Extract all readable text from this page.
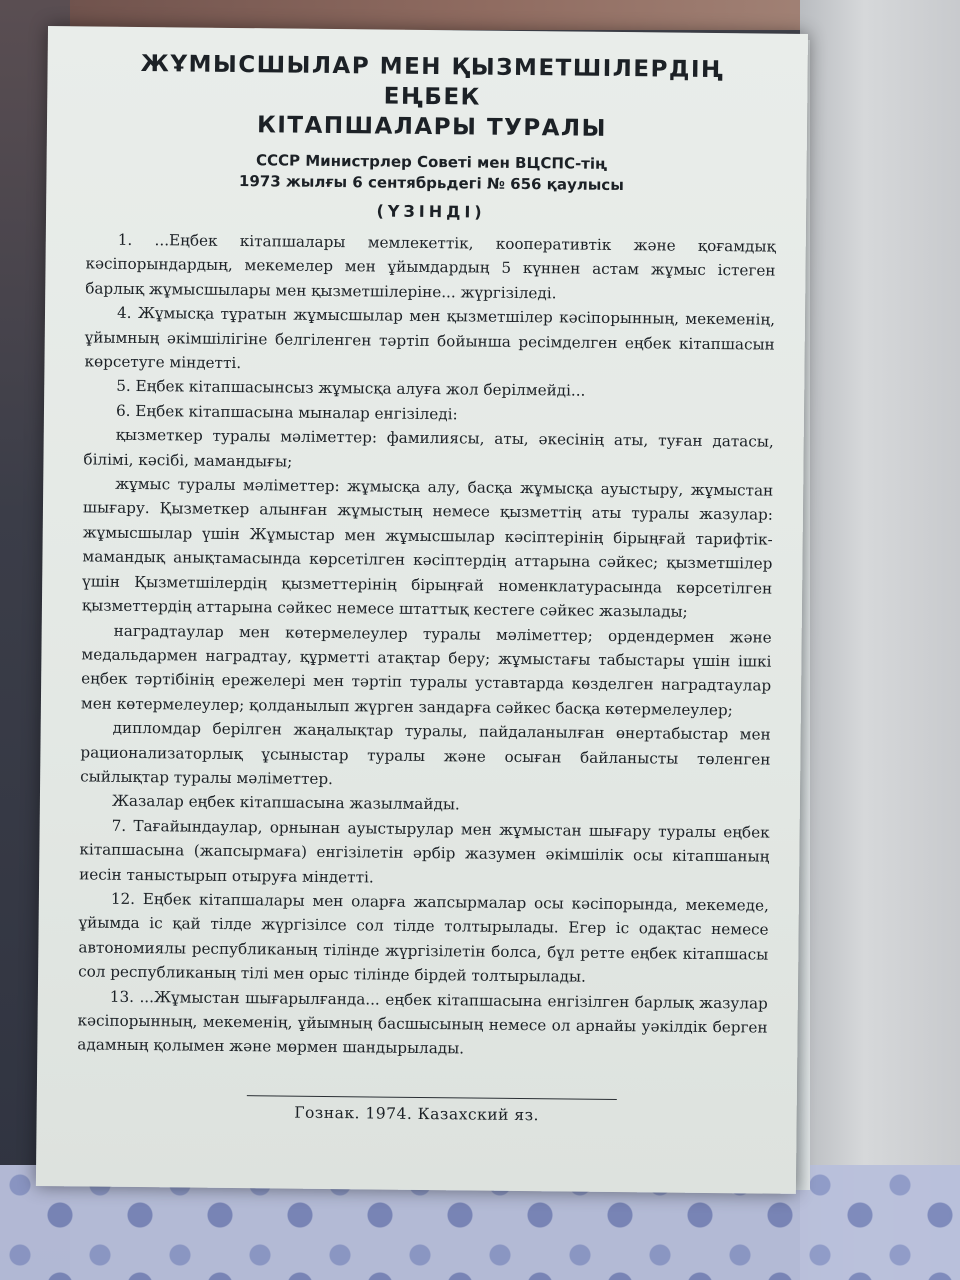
ЖҰМЫСШЫЛАР МЕН ҚЫЗМЕТШІЛЕРДІҢ ЕҢБЕК
КІТАПШАЛАРЫ ТУРАЛЫ
СССР Министрлер Советі мен ВЦСПС-тің
1973 жылғы 6 сентябрьдегі № 656 қаулысы
(ҮЗІНДІ)

1. ...Еңбек кітапшалары мемлекеттік, кооперативтік және қоғамдық кәсіпорындардың, мекемелер мен ұйымдардың 5 күннен астам жұмыс істеген барлық жұмысшылары мен қызметшілеріне... жүргізіледі.

4. Жұмысқа тұратын жұмысшылар мен қызметшілер кәсіпорынның, мекеменің, ұйымның әкімшілігіне белгіленген тәртіп бойынша ресімделген еңбек кітапшасын көрсетуге міндетті.

5. Еңбек кітапшасынсыз жұмысқа алуға жол берілмейді...

6. Еңбек кітапшасына мыналар енгізіледі:

қызметкер туралы мәліметтер: фамилиясы, аты, әкесінің аты, туған датасы, білімі, кәсібі, мамандығы;

жұмыс туралы мәліметтер: жұмысқа алу, басқа жұмысқа ауыстыру, жұмыстан шығару. Қызметкер алынған жұмыстың немесе қызметтің аты туралы жазулар: жұмысшылар үшін Жұмыстар мен жұмысшылар кәсіптерінің бірыңғай тарифтік-мамандық анықтамасында көрсетілген кәсіптердің аттарына сәйкес; қызметшілер үшін Қызметшілердің қызметтерінің бірыңғай номенклатурасында көрсетілген қызметтердің аттарына сәйкес немесе штаттық кестеге сәйкес жазылады;

наградтаулар мен көтермелеулер туралы мәліметтер; ордендермен және медальдармен наградтау, құрметті атақтар беру; жұмыстағы табыстары үшін ішкі еңбек тәртібінің ережелері мен тәртіп туралы уставтарда көзделген наградтаулар мен көтермелеулер; қолданылып жүрген зандарға сәйкес басқа көтермелеулер;

дипломдар берілген жаңалықтар туралы, пайдаланылған өнертабыстар мен рационализаторлық ұсыныстар туралы және осыған байланысты төленген сыйлықтар туралы мәліметтер.

Жазалар еңбек кітапшасына жазылмайды.

7. Тағайындаулар, орнынан ауыстырулар мен жұмыстан шығару туралы еңбек кітапшасына (жапсырмаға) енгізілетін әрбір жазумен әкімшілік осы кітапшаның иесін таныстырып отыруға міндетті.

12. Еңбек кітапшалары мен оларға жапсырмалар осы кәсіпорында, мекемеде, ұйымда іс қай тілде жүргізілсе сол тілде толтырылады. Егер іс одақтас немесе автономиялы республиканың тілінде жүргізілетін болса, бұл ретте еңбек кітапшасы сол республиканың тілі мен орыс тілінде бірдей толтырылады.

13. ...Жұмыстан шығарылғанда... еңбек кітапшасына енгізілген барлық жазулар кәсіпорынның, мекеменің, ұйымның басшысының немесе ол арнайы уәкілдік берген адамның қолымен және мөрмен шандырылады.

Гознак. 1974. Казахский яз.
